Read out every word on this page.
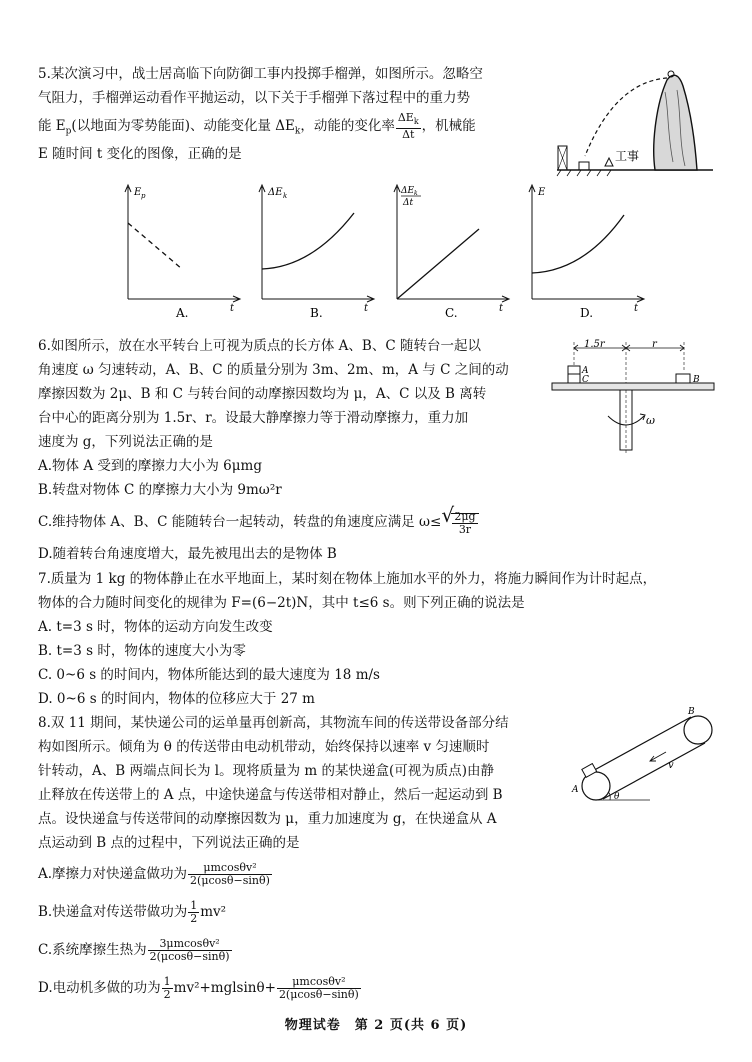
5.某次演习中，战士居高临下向防御工事内投掷手榴弹，如图所示。忽略空
气阻力，手榴弹运动看作平抛运动，以下关于手榴弹下落过程中的重力势
能 $E_p$(以地面为零势能面)、动能变化量 $\Delta E_k$，动能的变化率 $\frac{\Delta E_k}{\Delta t}$ ，机械能
E 随时间 t 变化的图像，正确的是	工事
E p
t
A.
ΔE k
t
B.
ΔE k
Δt
t
C.
E
t
D.
6.如图所示，放在水平转台上可视为质点的长方体 A、B、C 随转台一起以
角速度 ω 匀速转动，A、B、C 的质量分别为 3m、2m、m，A 与 C 之间的动
摩擦因数为 2μ、B 和 C 与转台间的动摩擦因数均为 μ，A、C 以及 B 离转
台中心的距离分别为 1.5r、r。设最大静摩擦力等于滑动摩擦力，重力加
速度为 g，下列说法正确的是
A.物体 A 受到的摩擦力大小为 6μmg
B.转盘对物体 C 的摩擦力大小为 9mω²r
C.维持物体 A、B、C 能随转台一起转动，转盘的角速度应满足 ω≤ √
$\frac{2\mu g}{3r}$
D.随着转台角速度增大，最先被甩出去的是物体 B
1.5r	r
A
C	B
ω
7.质量为 1 kg 的物体静止在水平地面上，某时刻在物体上施加水平的外力，将施力瞬间作为计时起点，
物体的合力随时间变化的规律为 F=(6−2t)N，其中 t≤6 s。则下列正确的说法是
A. t=3 s 时，物体的运动方向发生改变
B. t=3 s 时，物体的速度大小为零
C. 0~6 s 的时间内，物体所能达到的最大速度为 18 m/s
D. 0~6 s 的时间内，物体的位移应大于 27 m
8.双 11 期间，某快递公司的运单量再创新高，其物流车间的传送带设备部分结
构如图所示。倾角为 θ 的传送带由电动机带动，始终保持以速率 v 匀速顺时
针转动，A、B 两端点间长为 l。现将质量为 m 的某快递盒(可视为质点)由静
止释放在传送带上的 A 点，中途快递盒与传送带相对静止，然后一起运动到 B
点。设快递盒与传送带间的动摩擦因数为 μ，重力加速度为 g，在快递盒从 A
点运动到 B 点的过程中，下列说法正确的是
A.摩擦力对快递盒做功为 $\frac{\text{μmcosθv²}}{2(\mu\cos\theta-\sin\theta)}$
B.快递盒对传送带做功为 $\frac{1}{2} mv^2$
C.系统摩擦生热为 $\frac{\text{3μmcosθv²}}{2(\mu\cos\theta-\sin\theta)}$
D.电动机多做的功为 $\frac{1}{2} mv^2+mglsin\theta+ \frac{\text{μmcosθv²}}{2(\mu\cos\theta-\sin\theta)}$
A
B
v
θ
物理试卷　第 2 页(共 6 页)
